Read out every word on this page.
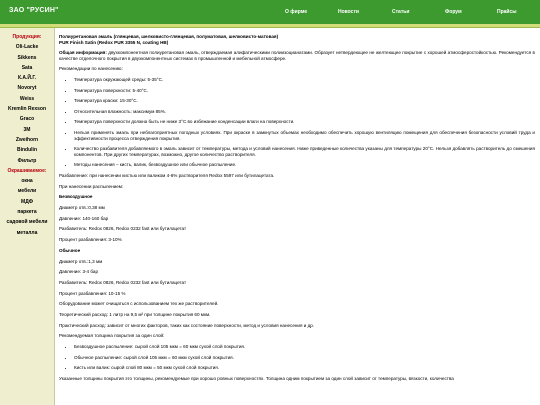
ЗАО "РУСИН"	О фирме	Новости	Статьи	Форум	Прайсы
Продукция:
Oli-Lacke
Sikkens
Sata
К.А.Й.Г.
Novoryt
Weiss
Kremlin Rexson
Graco
3M
Zweihorn
Bindulin
Фильтр
Окрашиваемое:
окна
мебели
МДФ
паркета
садовой мебели
металла

Полиуретановая эмаль (глянцевая, шелковисто-глянцевая, полуматовая, шелковисто-матовая)
PUR Finish Satin (Redox PUR 3355 N, coating HB)

Общая информация: двухкомпонентная полиуретановая эмаль, отверждаемая алифатическими полиизоцианатами. Образует нетвердеющее не желтеющее покрытие с хорошей атмосферостойкостью. Рекомендуется в качестве отделочного покрытия в двухкомпонентных системах в промышленной и мебельной атмосфере.

Рекомендации по нанесению:

• Температура окружающей среды: 5-35°С.
• Температура поверхности: 5-40°С.
• Температура краски: 15-30°С.
• Относительная влажность: максимум 85%.
• Температура поверхности должна быть не ниже 3°С во избежание конденсации влаги на поверхности.
• Нельзя применять эмаль при неблагоприятных погодных условиях. При окраске в замкнутых объемах необходимо обеспечить хорошую вентиляцию помещения для обеспечения безопасности условий труда и эффективности процесса отверждения покрытия.
• Количество разбавителя добавляемого в эмаль зависит от температуры, метода и условий нанесения. Ниже приведенные количества указаны для температуры 20°С. Нельзя добавлять растворитель до смешения компонентов. При других температурах, возможно, другое количество растворителя.
• Методы нанесения – кисть, валик, безвоздушное или обычное распыление.

Разбавление: при нанесении кистью или валиком 4-6% растворителя Redox 5597 или бутилацетата.

При нанесении распылением:

Безвоздушное

Диаметр отв.:0,38 мм

Давление: 140-160 бар

Разбавитель: Redox 0826, Redox 0232 fast или бутилацетат

Процент разбавления: 3-10%

Обычное

Диаметр отв.:1,3 мм

Давление: 3-4 бар

Разбавитель: Redox 0826, Redox 0232 fast или бутилацетат

Процент разбавления: 10-15 %

Оборудование может очищаться с использованием тех же растворителей.

Теоретический расход: 1 литр на 9,5 м² при толщине покрытия 60 мкм.

Практический расход: зависит от многих факторов, таких как состояние поверхности, метод и условия нанесения и др.

Рекомендуемая толщина покрытия за один слой:

• Безвоздушное распыление: сырой слой 105 мкм = 60 мкм сухой слой покрытия.
• Обычное распыление: сырой слой 105 мкм = 60 мкм сухой слой покрытия.
• Кисть или валик: сырой слой 80 мкм = 50 мкм сухой слой покрытия.

Указанные толщины покрытия это толщины, рекомендуемые при хорошо ровных поверхностях. Толщина одним покрытием за один слой зависит от температуры, вязкости, количества
